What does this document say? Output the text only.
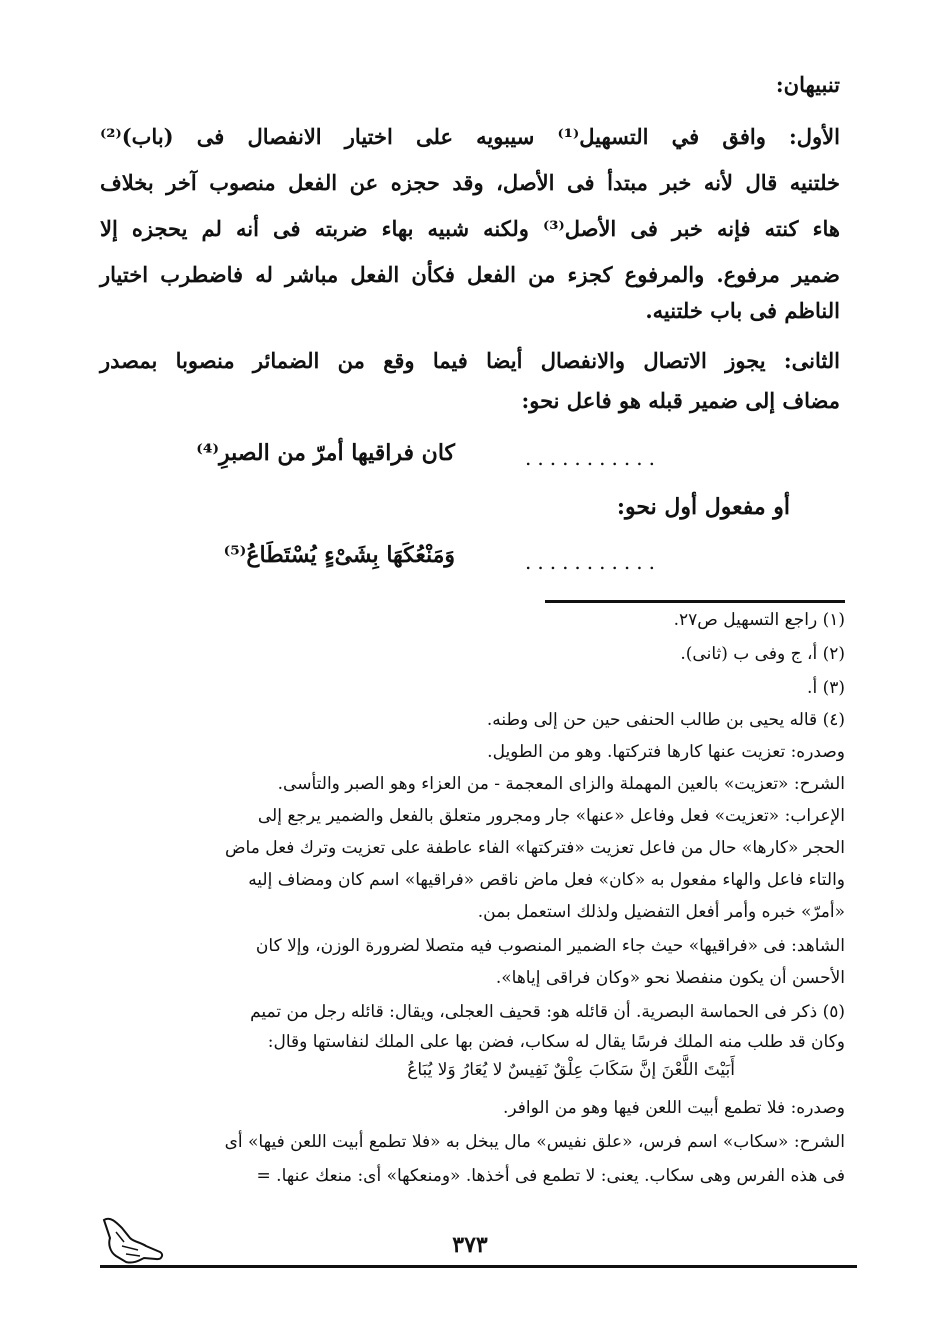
تنبيهان:
الأول: وافق في التسهيل⁽¹⁾ سيبويه على اختيار الانفصال فى (باب)⁽²⁾
خلتنيه قال لأنه خبر مبتدأ فى الأصل، وقد حجزه عن الفعل منصوب آخر بخلاف
هاء كنته فإنه خبر فى الأصل⁽³⁾ ولكنه شبيه بهاء ضربته فى أنه لم يحجزه إلا
ضمير مرفوع. والمرفوع كجزء من الفعل فكأن الفعل مباشر له فاضطرب اختيار
الناظم فى باب خلتنيه.
الثانى: يجوز الاتصال والانفصال أيضا فيما وقع من الضمائر منصوبا بمصدر
مضاف إلى ضمير قبله هو فاعل نحو:
كان فراقيها أمرّ من الصبرِ⁽⁴⁾	...........
أو مفعول أول نحو:
وَمَنْعُكَهَا بِشَىْءٍ يُسْتَطَاعُ⁽⁵⁾	...........
(١) راجع التسهيل ص٢٧.
(٢) أ، ج وفى ب (ثانى).
(٣) أ.
(٤) قاله يحيى بن طالب الحنفى حين حن إلى وطنه.
وصدره: تعزيت عنها كارها فتركتها. وهو من الطويل.
الشرح: «تعزيت» بالعين المهملة والزاى المعجمة - من العزاء وهو الصبر والتأسى.
الإعراب: «تعزيت» فعل وفاعل «عنها» جار ومجرور متعلق بالفعل والضمير يرجع إلى
الحجر «كارها» حال من فاعل تعزيت «فتركتها» الفاء عاطفة على تعزيت وترك فعل ماض
والتاء فاعل والهاء مفعول به «كان» فعل ماض ناقص «فراقيها» اسم كان ومضاف إليه
«أمرّ» خبره وأمر أفعل التفضيل ولذلك استعمل بمن.
الشاهد: فى «فراقيها» حيث جاء الضمير المنصوب فيه متصلا لضرورة الوزن، وإلا كان
الأحسن أن يكون منفصلا نحو «وكان فراقى إياها».
(٥) ذكر فى الحماسة البصرية. أن قائله هو: قحيف العجلى، ويقال: قائله رجل من تميم
وكان قد طلب منه الملك فرسًا يقال له سكاب، فضن بها على الملك لنفاستها وقال:
أَبَيْتَ اللَّعْنَ إنَّ سَكَابَ عِلْقٌ نَفِيسٌ لا يُعَارُ وَلا يُبَاعُ
وصدره: فلا تطمع أبيت اللعن فيها وهو من الوافر.
الشرح: «سكاب» اسم فرس، «علق نفيس» مال يبخل به «فلا تطمع أبيت اللعن فيها» أى
فى هذه الفرس وهى سكاب. يعنى: لا تطمع فى أخذها. «ومنعكها» أى: منعك عنها. =
٣٧٣
